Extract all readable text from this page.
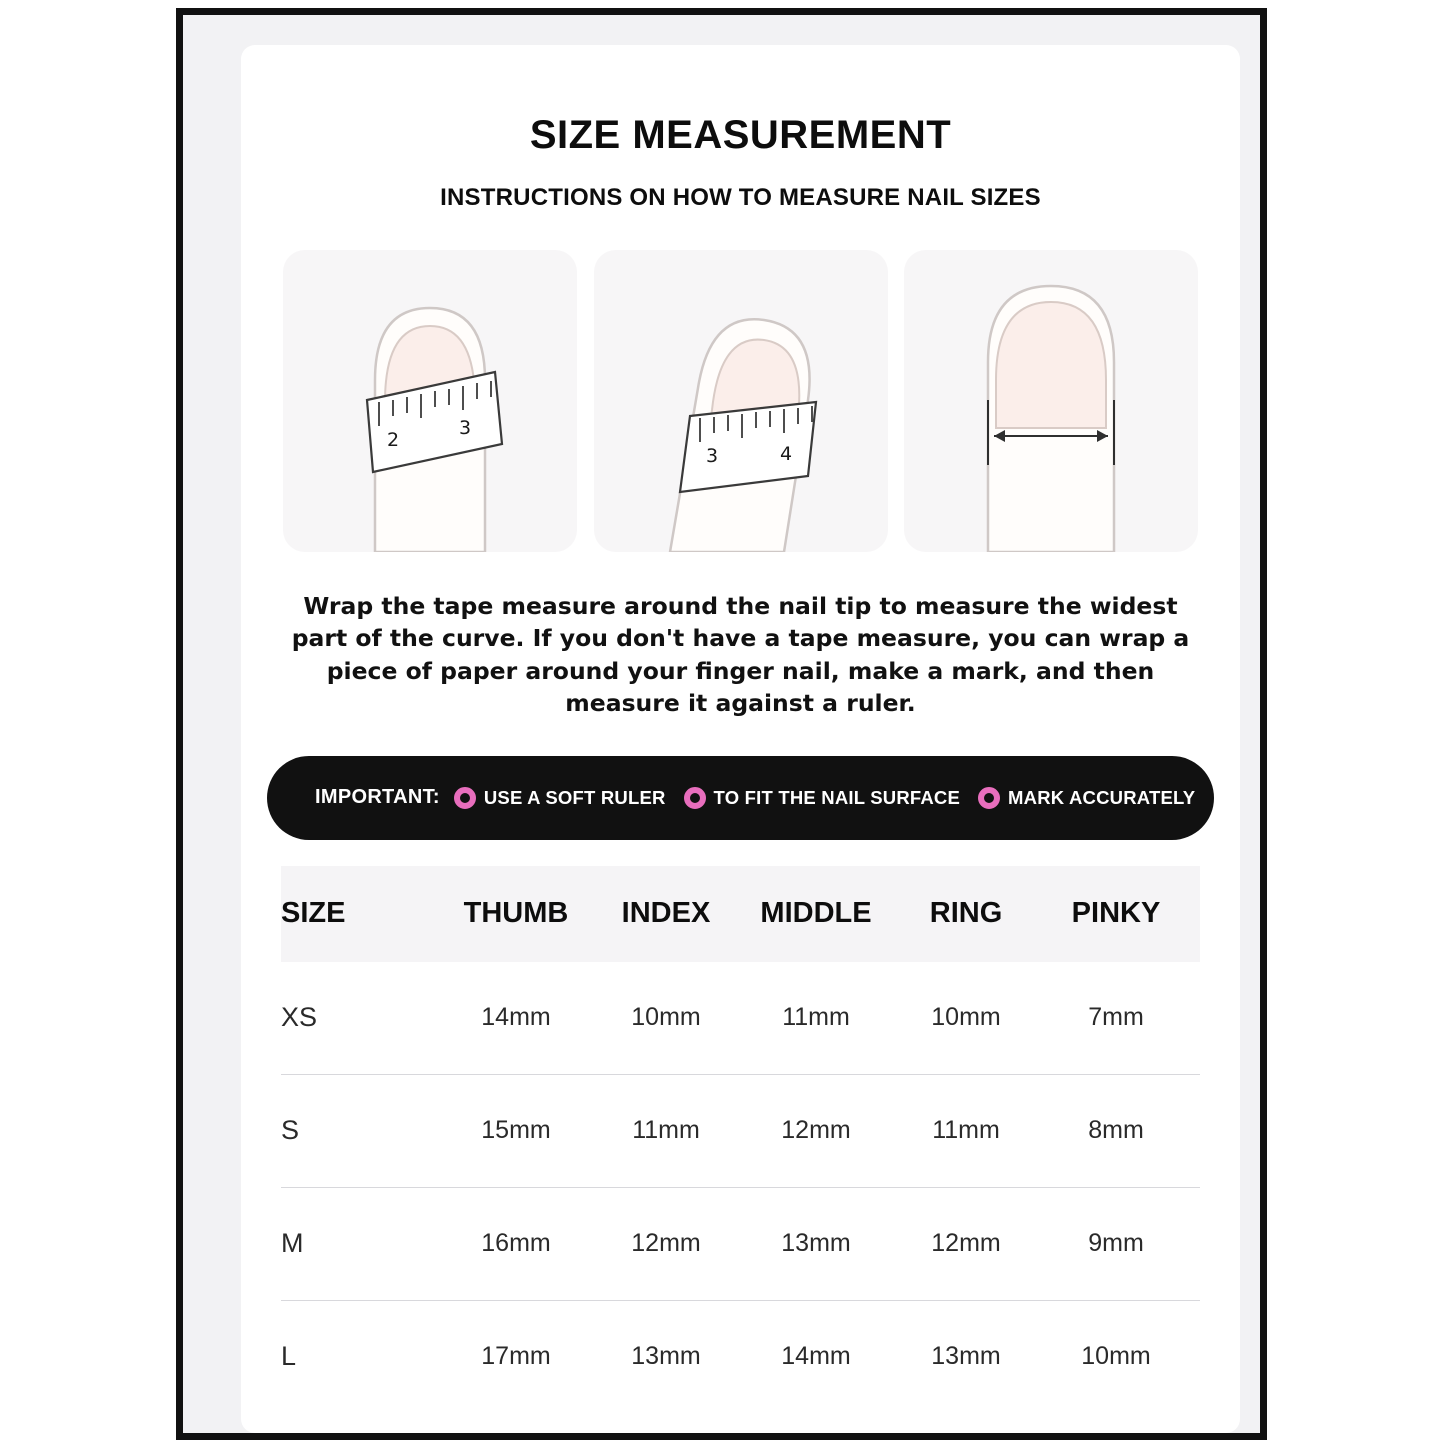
SIZE MEASUREMENT
INSTRUCTIONS ON HOW TO MEASURE NAIL SIZES
2
3
3	4
Wrap the tape measure around the nail tip to measure the widest part of the curve. If you don't have a tape measure, you can wrap a piece of paper around your finger nail, make a mark, and then measure it against a ruler.
IMPORTANT: USE A SOFT RULER	TO FIT THE NAIL SURFACE	MARK ACCURATELY
SIZE	THUMB	INDEX	MIDDLE	RING	PINKY
XS	14mm	10mm	11mm	10mm	7mm
S	15mm	11mm	12mm	11mm	8mm
M	16mm	12mm	13mm	12mm	9mm
L	17mm	13mm	14mm	13mm	10mm
